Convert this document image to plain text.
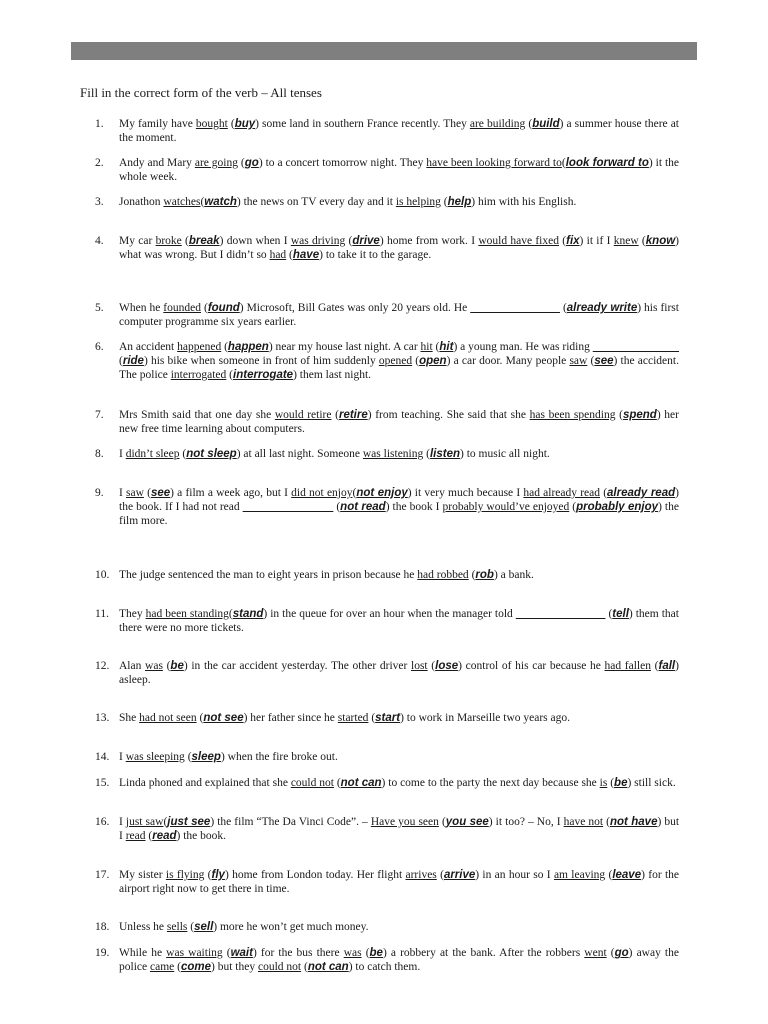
Fill in the correct form of the verb – All tenses
1. My family have bought (buy) some land in southern France recently. They are building (build) a summer house there at the moment.
2. Andy and Mary are going (go) to a concert tomorrow night. They have been looking forward to(look forward to) it the whole week.
3. Jonathon watches(watch) the news on TV every day and it is helping (help) him with his English.
4. My car broke (break) down when I was driving (drive) home from work. I would have fixed (fix) it if I knew (know) what was wrong. But I didn’t so had (have) to take it to the garage.
5. When he founded (found) Microsoft, Bill Gates was only 20 years old. He	(already write) his first computer programme six years earlier.
6. An accident happened (happen) near my house last night. A car hit (hit) a young man. He was riding                                (ride) his bike when someone in front of him suddenly opened (open) a car door. Many people saw (see) the accident. The police interrogated (interrogate) them last night.
7. Mrs Smith said that one day she would retire (retire) from teaching. She said that she has been spending (spend) her new free time learning about computers.
8. I didn’t sleep (not sleep) at all last night. Someone was listening (listen) to music all night.
9. I saw (see) a film a week ago, but I did not enjoy(not enjoy) it very much because I had already read (already read) the book. If I had not read	(not read) the book I probably would’ve enjoyed (probably enjoy) the film more.
10. The judge sentenced the man to eight years in prison because he had robbed (rob) a bank.
11. They had been standing(stand) in the queue for over an hour when the manager told	(tell) them that there were no more tickets.
12. Alan was (be) in the car accident yesterday. The other driver lost (lose) control of his car because he had fallen (fall) asleep.
13. She had not seen (not see) her father since he started (start) to work in Marseille two years ago.
14. I was sleeping (sleep) when the fire broke out.
15. Linda phoned and explained that she could not (not can) to come to the party the next day because she is (be) still sick.
16. I just saw(just see) the film “The Da Vinci Code”. – Have you seen (you see) it too? – No, I have not (not have) but I read (read) the book.
17. My sister is flying (fly) home from London today. Her flight arrives (arrive) in an hour so I am leaving (leave) for the airport right now to get there in time.
18. Unless he sells (sell) more he won’t get much money.
19. While he was waiting (wait) for the bus there was (be) a robbery at the bank. After the robbers went (go) away the police came (come) but they could not (not can) to catch them.
